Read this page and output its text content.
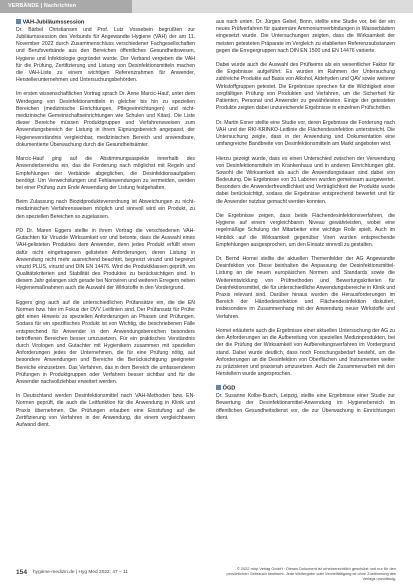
VERBÄNDE | Nachrichten
VAH-Jubiläumssession

Dr. Bärbel Christiansen und Prof. Lutz Vossebein begrüßten zur Jubiläumssession des Verbunds für Angewandte Hygiene (VAH) der am 11. November 2022 durch Zusammenschluss verschiedener Fachgesellschaften und Berufsverbände aus den Bereichen öffentliches Gesundheitswesen, Hygiene und Infektiologie gegründet wurde. Der Verband vergeben die VAH für die Prüfung, Zertifizierung und Listung von Desinfektionsmitteln machen die VAH-Liste zu einem wichtigen Referenzrahmen für Anwender, Herstellerunternehmen und Untersuchungsbehörden.

Im ersten wissenschaftlichen Vortrag sprach Dr. Anne Marcic-Hauf, unter dem Werdegang von Desinfektionsmitteln in gleicher bis hin zu speziellen Bereichen (medizinische Einrichtungen, Pflegeeinrichtungen) und nicht-medizinische Gemeinschaftseinrichtungen wie Schulen und Kitas). Die Liste dieser Bereiche müssen Produktgruppen und Verfahrensweisen zum Anwendungsbereich der Listung in ihrem Eignungsbereich angepasst, der Hygieneverständnis vergleichbar, medizinischen Bereich und anwendbare, dokumentierte Überwachung durch die Gesundheitsämter.

Marcic-Hauf ging auf die Abstimmungsaspekte innerhalb des Anwenderbereichs ein, das die Forderung nach möglichst mit Regeln und Empfehlungen der Verbände abgeglichen, die Desinfektionsaufgaben benötigt. Um Verwechslungen und Fehlanwendungen zu vermeiden, werden bei einer Prüfung zum Ende Anwendung der Listung festgehalten.

Beim Zulassung nach Biozidprodukteverordnung ist Abweichungen zu nicht-medizinischen Verfahrensweisen möglich und sinnvoll wird ein Produkt, zu den speziellen Bereichen so zugelassen.

PD Dr. Maren Eggers stellte in ihrem Vortrag die verschiedenen VAH-Gutachten für Viruzide Wirksamkeit vor und betonte, dass die Auswahl eines VAH-gelisteten Produktes dem Anwender, denn jedes Produkt erfüllt einen dafür nicht eingetragenen gelisteten Anforderungen, deren Listung in Anwendung nicht mehr ausreichend beachtet, begrenzt viruzid und begrenzt viruzid PLUS, viruzid und DIN EN 14476. Wird die Produktklassen geprüft, wo Qualitätskriterien und Stabilität des Produktes zu berücksichtigen sind. In diesem Jahr gelangen sich gerade bei Noroviren und weiteren Erregern neben Hygienemaßnahmen auch die Auswahl der Wirkstoffe in den Vordergrund.

Eggers ging auch auf die unterschiedlichen Prüfansätze ein, die die EN Normen bzw. hier im Fokus der DVV Leitlinien sind. Der Prüfansatz für Prüfer gibt einen Hinweis zu speziellen Anforderungen an Phasen und Prüfungen. Sodass für ein spezifisches Produkt ist von Wichtig, die beschriebenen Fälle entsprechend für Anwender in den Anwendungsbereichen besonders betroffenen Bereichen besser umzusetzen. Für ein praktisches Verständnis durch Virologen und Gutachter mit Hygienikern zusammen mit speziellen Anforderungen jedes der Unternehmen, die für eine Prüfung nötig, auf besondere Anwendungen und Bereiche die Berücksichtigung geeigneter Bereiche einzusetzen. Das Verfahren, das in dem Bereich die umfassenderen Prüfungen in Produktgruppen oder Verfahren besser sichtbar und für die Anwender nachvollziehbar erweitert werden.

In Deutschland werden Desinfektionsmittel nach VAH-Methoden bzw. EN-Normen geprüft, die auch die Leitfunktion für die Anwendung in Klinik und Praxis übernehmen. Die Prüfungen erlauben eine Einstufung auf die Zertifizierung von Verfahren in der Anwendung, die einem vergleichbaren Aufwand dient.

aus nach unten. Dr. Jürgen Gebel, Bonn, stellte eine Studie vor, bei der ein neues Prüfverfahren für quaternäre Ammoniumverbindungen in Wasserbädern eingesetzt wurde. Die Untersuchungen zeigten, dass die Wirksamkeit der meisten getesteten Präparate im Vergleich zu etablierten Referenzsubstanzen gegen die Erregergruppen nach DIN EN 1500 und EN 14476 variierte.

Dabei wurde auch die Auswahl des Prüfkeims als ein wesentlicher Faktor für die Ergebnisse aufgeführt. Es wurden im Rahmen der Untersuchung zahlreiche Produkte auf Basis von Alkohol, Aldehyden und QAV sowie weiterer Wirkstoffgruppen getestet. Die Ergebnisse sprechen für die Wichtigkeit einer sorgfältigen Prüfung von Produkten und Verfahren, um die Sicherheit für Patienten, Personal und Anwender zu gewährleisten. Einige der getesteten Produkte zeigten dabei unzureichende Ergebnisse in einzelnen Prüfschritten.

Dr. Martin Exner stellte eine Studie vor, deren Ergebnisse die Forderung nach VAH und der RKI-KRINKO-Leitlinie die Flächendesinfektion unterstreicht. Die Untersuchung zeigte, dass in der Anwendung und Dokumentation eine umfangreiche Bandbreite von Desinfektionsmitteln am Markt angeboten wird.

Hierzu gezeigt wurde, dass es einen Unterschied zwischen der Verwendung von Desinfektionsmitteln im Krankenhaus und in anderen Einrichtungen gibt. Sowohl die Wirksamkeit als auch die Anwendungsdauer sind dabei von Bedeutung. Die Ergebnisse von 31 Laboren wurden gemeinsam ausgewertet. Besonders die Anwenderfreundlichkeit und Verträglichkeit der Produkte wurde dabei berücksichtigt, sodass die Ergebnisse entsprechend bewertet und für die Anwender nutzbar gemacht werden konnten.

Die Ergebnisse zeigen, dass beide Flächendesinfektionsverfahren, die Hygiene auf einem vergleichbaren Niveau gewährleisten, wobei eine regelmäßige Schulung der Mitarbeiter eine wichtige Rolle spielt. Auch im Hinblick auf die Wirksamkeit gegenüber Viren wurden entsprechende Empfehlungen ausgesprochen, um den Einsatz sinnvoll zu gestalten.

Dr. Bernd Hornei stellte die aktuellen Themenfelder der AG Angewandte Desinfektion vor. Diese beinhalten die Anpassung der Desinfektionsmittel-Listung an die neuen europäischen Normen und Standards sowie die Weiterentwicklung von Prüfmethoden und Bewertungskriterien für Desinfektionsmittel, die für unterschiedliche Anwendungsbereiche in Klinik und Praxis relevant sind. Darüber hinaus wurden die Herausforderungen im Bereich der Händedesinfektion und Flächendesinfektion diskutiert, insbesondere im Zusammenhang mit der Anwendung neuer Wirkstoffe und Verfahren.

Hornei erläuterte auch die Ergebnisse einer aktuellen Untersuchung der AG zu den Anforderungen an die Aufbereitung von speziellen Medizinprodukten, bei der die Prüfung der Wirksamkeit von Aufbereitungsverfahren im Vordergrund stand. Dabei wurde deutlich, dass noch Forschungsbedarf besteht, um die Anforderungen an die Desinfektion von Oberflächen und Instrumenten weiter zu präzisieren und praxisnah umzusetzen. Auch die Zusammenarbeit mit den Herstellern wurde angesprochen.

ÖGD

Dr. Susanne Kolbe-Busch, Leipzig, stellte eine Ergebnisse einer Studie zur Bewertung der Desinfektionsmittel-Anwendung im Hygienebereich im öffentlichen Gesundheitsdienst vor, die zur Überwachung in Einrichtungen dient.

154 hygiene-medizin.de | Hyg Med 2022; 47 – 11
© 2022 mhp Verlag GmbH · Dieses Dokument ist urheberrechtlich geschützt und nur für den persönlichen Gebrauch bestimmt. Jede Weitergabe oder Vervielfältigung ist ohne Zustimmung des Verlags unzulässig.
